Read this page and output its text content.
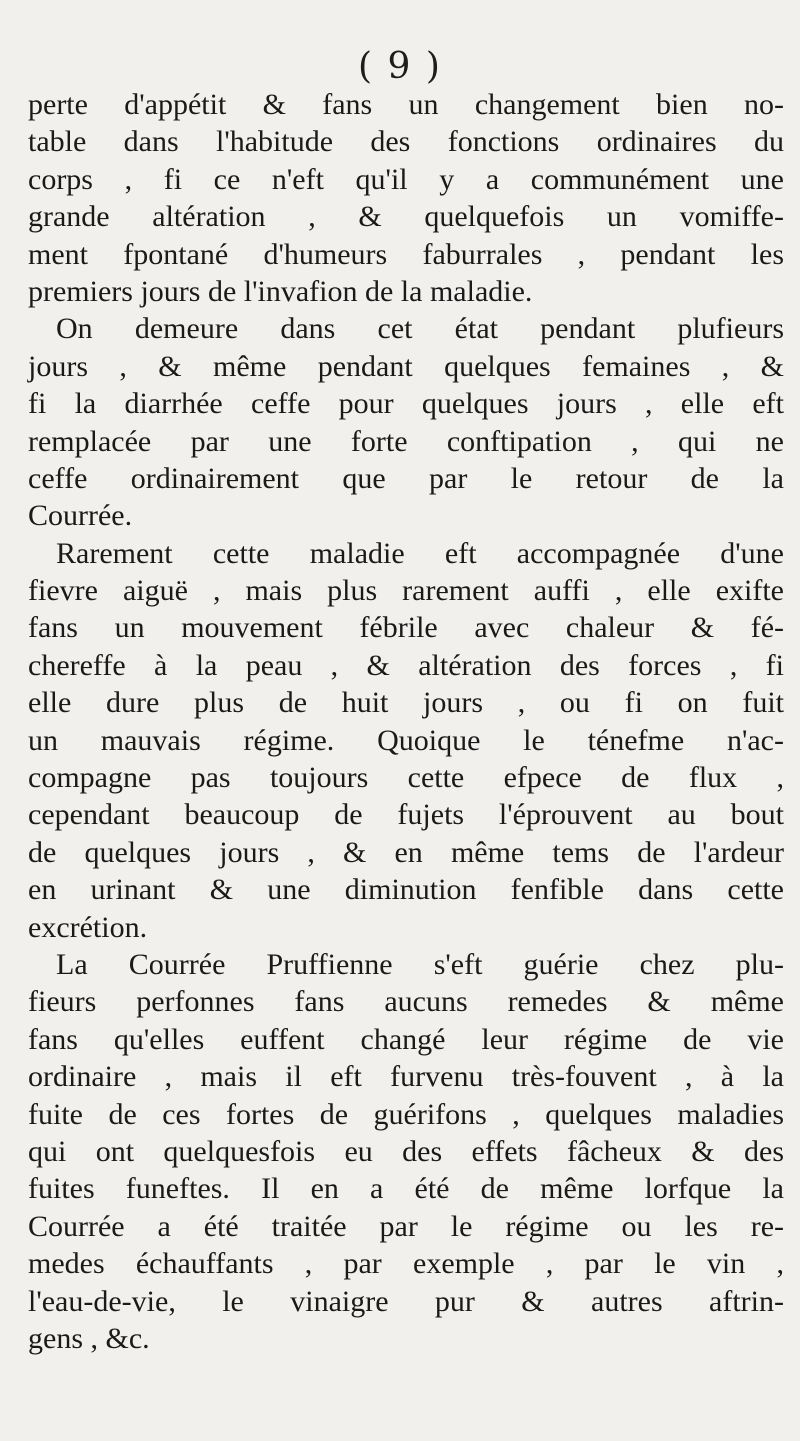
( 9 )
perte d'appétit & fans un changement bien no-
table dans l'habitude des fonctions ordinaires du
corps , fi ce n'eft qu'il y a communément une
grande altération , & quelquefois un vomiffe-
ment fpontané d'humeurs faburrales , pendant les
premiers jours de l'invafion de la maladie.
On demeure dans cet état pendant plufieurs
jours , & même pendant quelques femaines , &
fi la diarrhée ceffe pour quelques jours , elle eft
remplacée par une forte conftipation , qui ne
ceffe ordinairement que par le retour de la
Courrée.
Rarement cette maladie eft accompagnée d'une
fievre aiguë , mais plus rarement auffi , elle exifte
fans un mouvement fébrile avec chaleur & fé-
chereffe à la peau , & altération des forces , fi
elle dure plus de huit jours , ou fi on fuit
un mauvais régime. Quoique le ténefme n'ac-
compagne pas toujours cette efpece de flux ,
cependant beaucoup de fujets l'éprouvent au bout
de quelques jours , & en même tems de l'ardeur
en urinant & une diminution fenfible dans cette
excrétion.
La Courrée Pruffienne s'eft guérie chez plu-
fieurs perfonnes fans aucuns remedes & même
fans qu'elles euffent changé leur régime de vie
ordinaire , mais il eft furvenu très-fouvent , à la
fuite de ces fortes de guérifons , quelques maladies
qui ont quelquesfois eu des effets fâcheux & des
fuites funeftes. Il en a été de même lorfque la
Courrée a été traitée par le régime ou les re-
medes échauffants , par exemple , par le vin ,
l'eau-de-vie, le vinaigre pur & autres aftrin-
gens , &c.
